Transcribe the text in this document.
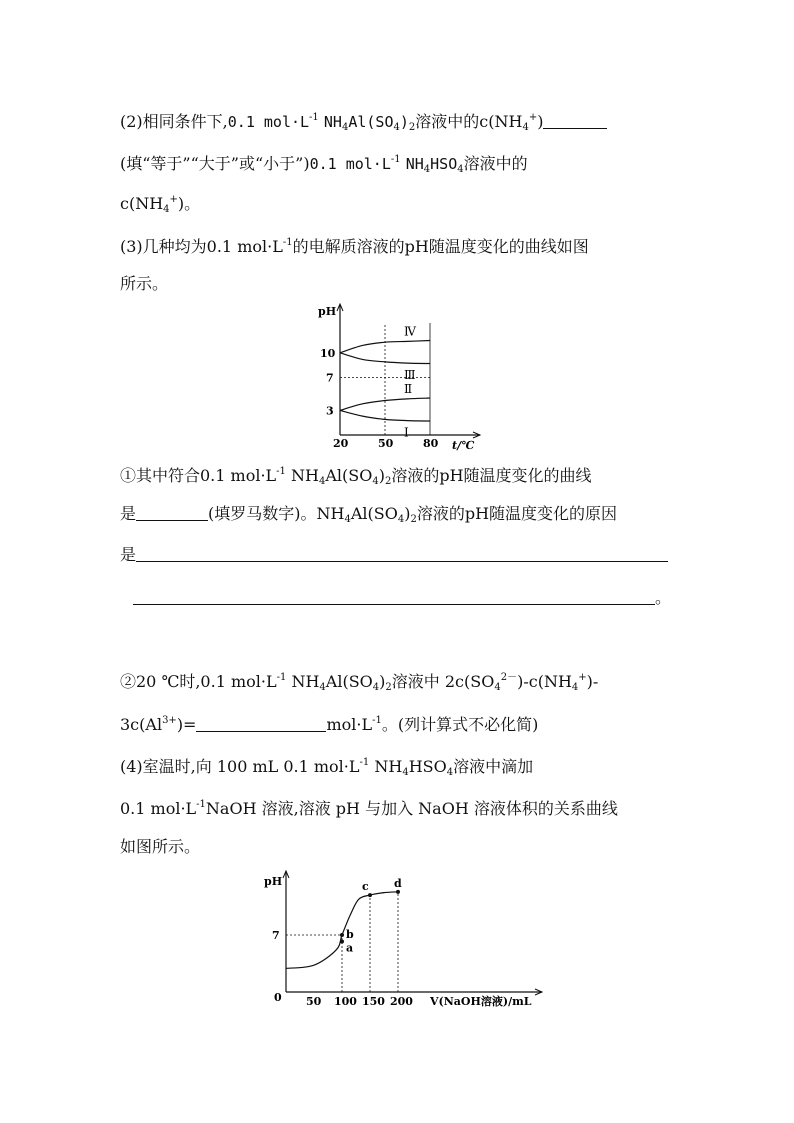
(2)相同条件下,0.1 $mol\cdot L^{-1}$ $NH_4Al(SO_4)_2$溶液中的$c(NH_4^+)$
(填“等于”“大于”或“小于”)0.1 $mol\cdot L^{-1}$ $NH_4HSO_4$溶液中的
$c(NH_4^+)$。
(3)几种均为0.1 $mol\cdot L^{-1}$的电解质溶液的pH随温度变化的曲线如图
所示。
pH
t/℃
20	50	80
3
7
10
Ⅰ
Ⅱ
Ⅲ
Ⅳ
①其中符合0.1 $mol\cdot L^{-1}$ $NH_4Al(SO_4)_2$溶液的pH随温度变化的曲线
是	(填罗马数字)。$NH_4Al(SO_4)_2$溶液的pH随温度变化的原因
是
。
②20 ℃时,0.1 $mol\cdot L^{-1}$ $NH_4Al(SO_4)_2$溶液中 $2c(SO_4^{2-})-c(NH_4^+)-$
$3c(Al^{3+})=$	$mol\cdot L^{-1}$。(列计算式不必化简)
(4)室温时,向 100 mL 0.1 $mol\cdot L^{-1}$ $NH_4HSO_4$溶液中滴加
0.1 $mol\cdot L^{-1}NaOH$ 溶液,溶液 pH 与加入 NaOH 溶液体积的关系曲线
如图所示。
pH
0	V(NaOH溶液)/mL
50 100 150 200
7
a
b
c d
